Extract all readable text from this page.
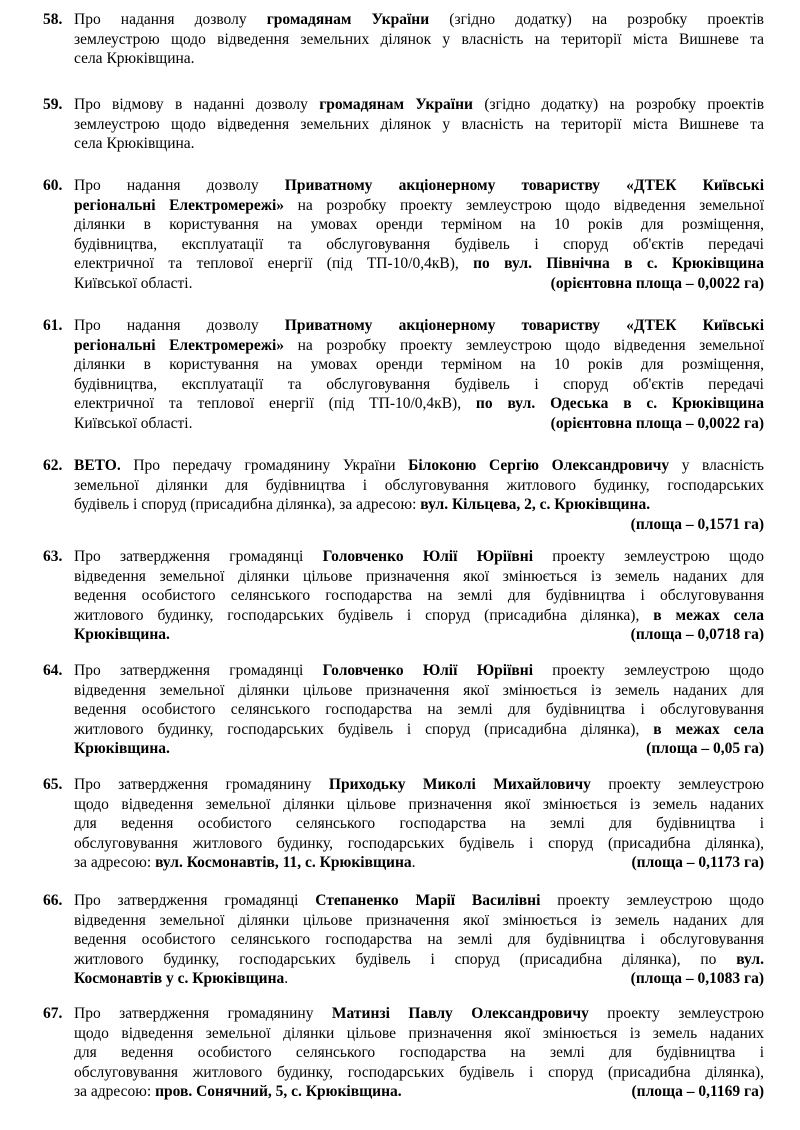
58. Про надання дозволу громадянам України (згідно додатку) на розробку проектів
землеустрою щодо відведення земельних ділянок у власність на території міста Вишневе та
села Крюківщина.
59. Про відмову в наданні дозволу громадянам України (згідно додатку) на розробку проектів
землеустрою щодо відведення земельних ділянок у власність на території міста Вишневе та
села Крюківщина.
60. Про надання дозволу Приватному акціонерному товариству «ДТЕК Київські
регіональні Електромережі» на розробку проекту землеустрою щодо відведення земельної
ділянки в користування на умовах оренди терміном на 10 років для розміщення,
будівництва, експлуатації та обслуговування будівель і споруд об'єктів передачі
електричної та теплової енергії (під ТП-10/0,4кВ), по вул. Північна в с. Крюківщина
Київської області.	(орієнтовна площа – 0,0022 га)
61. Про надання дозволу Приватному акціонерному товариству «ДТЕК Київські
регіональні Електромережі» на розробку проекту землеустрою щодо відведення земельної
ділянки в користування на умовах оренди терміном на 10 років для розміщення,
будівництва, експлуатації та обслуговування будівель і споруд об'єктів передачі
електричної та теплової енергії (під ТП-10/0,4кВ), по вул. Одеська в с. Крюківщина
Київської області.	(орієнтовна площа – 0,0022 га)
62. ВЕТО. Про передачу громадянину України Білоконю Сергію Олександровичу у власність
земельної ділянки для будівництва і обслуговування житлового будинку, господарських
будівель і споруд (присадибна ділянка), за адресою: вул. Кільцева, 2, с. Крюківщина.
(площа – 0,1571 га)
63. Про затвердження громадянці Головченко Юлії Юріївні проекту землеустрою щодо
відведення земельної ділянки цільове призначення якої змінюється із земель наданих для
ведення особистого селянського господарства на землі для будівництва і обслуговування
житлового будинку, господарських будівель і споруд (присадибна ділянка), в межах села
Крюківщина.	(площа – 0,0718 га)
64. Про затвердження громадянці Головченко Юлії Юріївні проекту землеустрою щодо
відведення земельної ділянки цільове призначення якої змінюється із земель наданих для
ведення особистого селянського господарства на землі для будівництва і обслуговування
житлового будинку, господарських будівель і споруд (присадибна ділянка), в межах села
Крюківщина.	(площа – 0,05 га)
65. Про затвердження громадянину Приходьку Миколі Михайловичу проекту землеустрою
щодо відведення земельної ділянки цільове призначення якої змінюється із земель наданих
для ведення особистого селянського господарства на землі для будівництва і
обслуговування житлового будинку, господарських будівель і споруд (присадибна ділянка),
за адресою: вул. Космонавтів, 11, с. Крюківщина.	(площа – 0,1173 га)
66. Про затвердження громадянці Степаненко Марії Василівні проекту землеустрою щодо
відведення земельної ділянки цільове призначення якої змінюється із земель наданих для
ведення особистого селянського господарства на землі для будівництва і обслуговування
житлового будинку, господарських будівель і споруд (присадибна ділянка), по вул.
Космонавтів у с. Крюківщина.	(площа – 0,1083 га)
67. Про затвердження громадянину Матинзі Павлу Олександровичу проекту землеустрою
щодо відведення земельної ділянки цільове призначення якої змінюється із земель наданих
для ведення особистого селянського господарства на землі для будівництва і
обслуговування житлового будинку, господарських будівель і споруд (присадибна ділянка),
за адресою: пров. Сонячний, 5, с. Крюківщина.	(площа – 0,1169 га)
